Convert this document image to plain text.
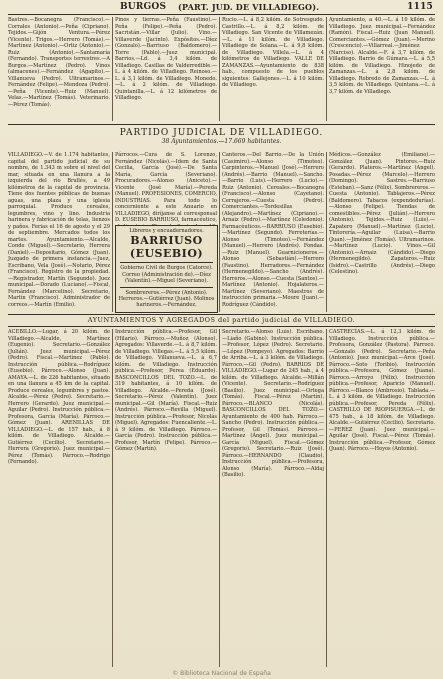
BURGOS (PART. JUD. DE VILLADIEGO).	1115

Bastres.—Bocanegra (Francisco).—Corrales (Antonio).—Peña (Cipriano). Tejidos.—Gijón Ventura.—Pérez (Vicente). Trigos.—Herrero (Tomás).—Martínez (Antonio).—Ortiz (Antonio).—Ruiz (Antonio).—Santamaría (Fernando). Transportes terrestres.—A Burgos.—Martínez (Pedro). Vinos (almacenes).—Fernández (Agapito).—Villanueva (Pedro). Ultramarinos.—Fernández (Felipe).—Mendoza (Pedro).—Peña (Vicente).—Ruiz (Manuel). Velas.—Martínez (Tomás). Veterinario.—Pérez (Tomás).

Pinos y tierras.—Peña (Faustino).—Peña (Felipe).—Peña (Pedro). Sacristán.—Villar (Julio). Vino.—Villaverde (Jacinto). Expósitos.—Díez (Gonzalo).—Barriuso (Baldomero).—Torre (Pablo).—Juez municipal. Barrios.—Ld. á 3,4 kilóm. de Villadiego. Casillas de Valderredible.—L. á 4 kilóm. de Villadiego. Reinoso.—L. á 3,1 kilóm. de Villadiego. Monedo.—L. á 2 kilóm. de Villadiego. Quintanilla.—L. á 12 kilómetros de Villadiego.

Rucio.—L. á 8,2 kilóm. de Sotresgudo. Castrillo.—L. á 8,2 kilóm. de Villadiego. San Vicente de Villamezán.—L. á 11 kilóm. de Villadiego. Villadiego de Solana.—L. á 9,8 kilóm. de Villadiego. Villela.—L. á 4 kilómetros de Villadiego. VALLE DE ZAMANZAS.—Ayuntamiento de 838 hab., compuesto de los pueblos siguientes: Gallejones.—L. á 10 kilóm. de Villadiego.

Ayuntamiento, a 40.—L. á 10 kilóm. de Villadiego. Juez municipal.—Fernández (Ramón). Fiscal.—Ruiz (Juan Manuel). Comerciantes.—Gómez (Juan).—Merino (Crescencio).—Villarreal.—Jiménez (Narciso). Alcalde.—F. á 3,7 kilóm. de Villadiego. Barrio de Gúmara.—L. á 5,5 kilóm. de Villadiego. Hinojedo de Zamanzas.—L. á 2,8 kilóm. de Villadiego. Robredo de Zamanzas.—L. á 3,5 kilóm. de Villadiego. Quintana.—L. á 3,7 kilóm. de Villadiego.

PARTIDO JUDICIAL DE VILLADIEGO.
38 Ayuntamientos.—17.669 habitantes.

VILLADIEGO.—V. de 1.174 habitantes, capital del partido judicial de su nombre, de 1.343 m sobre el nivel del mar, situada en una llanura a la izquierda del río Brullés, a 49 kilómetros de la capital de provincia. Tiene dos fuentes públicas de buenas aguas, una plaza y una iglesia parroquial. Produce cereales, legumbres, vino y lino. Industria harinera y fabricación de telas, lienzos y paños. Ferias el 16 de agosto y el 29 de septiembre. Mercados todos los martes. Ayuntamiento.—Alcalde, Conde (Miguel).—Secretario, Herrera (Daniel).—Depositario, Gómez (Juan). Juzgado de primera instancia.—Juez, Escribano, Vela (José).—Notario, Pérez (Francisco). Registro de la propiedad.—Registrador, Martín (Segundo). Juez municipal.—Dorado (Luciano).—Fiscal, Fernández (Marcelino). Secretario, Martín (Francisco). Administrador de correos.—Martín (Emilio).

Párrocos.—Cura de S. Lorenzo, Fernández (Nicolás).—Idem de Santa Cecilia, García (José).—De Santa María, García (Severiano). Procuradores.—Alonso (Aniceto).—Vicente (José María).—Pereda (Manuel). PROFESIONES, COMERCIO, INDUSTRIAS. Para todo lo concerniente a este Anuario en VILLADIEGO, diríjanse al corresponsal D. EUSEBIO BARRIUSO, farmacéutico,

Libreros y encuadernadores.

BARRIUSO (EUSEBIO)

Gobierno Civil de Burgos (Catorce). Correo (Administración de).—Díez (Valentín).—Miguel (Severiano).

Sombrereros.—Pérez (Antonio). Herreros.—Gutiérrez (Juan). Molinos harineros.—Fernández.

Canteros.—Del Barrio.—De la Unión (Casimiro).—Alonso (Timoteo). Carpinteros.—Manuel (José).—Herrero (Andrés).—Barrio (Manuel).—Sancho.—Barrio (Luis).—Herrero (Lucio).—Ruiz (Antonio). Cereales.—Bocanegra (Francisco).—Alonso (Cayetano). Cerrajeros.—Cuesta (Pedro). Comerciantes.—Tordesillas (Alejandro).—Martínez (Cipriano).—Arnaiz (Pedro).—Martínez (Celedonio). Farmacéuticos.—BARRIUSO (Eusebio).—Martínez (Segundo). Ferreterías.—Alonso (Timoteo).—Fernández (Manuel).—Herrero (Andrés). Fondas.—Ruiz (Manuel). Guarnicioneros.—Alonso (Sebastián).—Herrero (Faustino). Herradores.—Fernández (Hermenegildo).—Sancho (Andrés). Herreros.—Alonso.—Cuesta (Santos).—Martínez (Antonio). Hojalateros.—Martínez (Severiano). Maestros de instrucción primaria.—Moure (Juan).—Rodríguez (Cándido).

Médicos.—González (Emiliano).—González (Juan). Pintores.—Ruiz (Gerardo). Plateros.—Martínez (Angel). Posadas.—Pérez (Marcelo).—Herrero (Domingo). Sastres.—Barriuso (Esteban).—Sanz (Félix). Sombrereros.—Cuesta (Antonio). Tablajeros.—Pérez (Baldomero). Tabacos (expendedurías).—Alonso (Felipe). Tiendas de comestibles.—Pérez (Julián).—Herrero (Antonio). Tejidos.—Ruiz (Luis).—Zapatero (Manuel).—Martínez (Lucio). Tintorería.—Aguilar (Luisa).—Barrio (Juan).—Jiménez (Tomás). Ultramarinos.—Martínez (Lucio). Vinos.—Gil (Antonio).—Arnaiz (Cándido).—Diego (Hermenegildo). Zapateros.—Ruiz (Isidro).—Castrillo (Andrés).—Diego (Celestino).

AYUNTAMIENTOS Y AGREGADOS del partido judicial de VILLADIEGO.

ACEBILLO.—Lugar, á 20 kilóm. de Villadiego.—Alcalde, Martínez (Eugenio). Secretario.—González (Julián). Juez municipal.—Pérez (Pedro). Fiscal.—Martínez (Pablo). Instrucción pública.—Rodríguez (Eusebio). Párroco.—Alonso (Juan). AMAYA.—L. de 226 habitantes, situado en una llanura a 45 km de la capital. Produce cereales, legumbres y pastos. Alcalde.—Pérez (Pedro). Secretario.—Herrero (Gerardo). Juez municipal.—Aguilar (Pedro). Instrucción pública.—Profesora, García (María). Párroco.—Gómez (Juan). ARENILLAS DE VILLADIEGO.—L. de 157 hab., á 8 kilóm. de Villadiego. Alcalde.—Gutiérrez (Cecilio). Secretario.—Herrera (Gregorio). Juez municipal.—Pérez (Tomás). Párroco.—Rodrigo (Fernando).

Instrucción pública.—Profesor, Gil (Hilario). Párroco.—Muñoz (Alonso). Agregados: Villaverde.—L. á 8,7 kilóm. de Villadiego. Villegas.—L. á 5,5 kilóm. de Villadiego. Villanueva.—L. á 6,7 kilóm. de Villadiego. Instrucción pública.—Profesor, Perea (Eduardo). BASCONCILLOS DEL TOZO.—L. de 319 habitantes, á 10 kilóm. de Villadiego. Alcalde.—Pereda (José). Secretario.—Pérez (Valentín). Juez municipal.—Gil (María). Fiscal.—Ruiz (Andrés). Párroco.—Revilla (Miguel). Instrucción pública.—Profesor, Nicolás (Miguel). Agregados: Fuencaliente.—L. á 9 kilóm. de Villadiego. Párroco.—García (Pedro). Instrucción pública.—Profesor, Martín (Felipe). Párroco.—Gómez (Martín).

Secretario.—Alonso (Luis). Escribano.—Liaño (Gabino). Instrucción pública.—Profesor, López (Pedro). Secretario.—López (Pompeyo). Agregados: Barrio de Arriba.—L. á 3 kilóm. de Villadiego. Párroco.—Gil (Pedro). BARRIOS DE VILLADIEGO.—Lugar de 245 hab., á 4 kilóm. de Villadiego. Alcalde.—Millán (Vicente). Secretario.—Rodríguez (Basilio). Juez municipal.—Ortega (Tomás). Fiscal.—Pérez (Martín). Párroco.—BLANCO (Nicolás). BASCONCILLOS DEL TOZO.—Ayuntamiento de 400 hab. Párroco.—Sancho (Pedro). Instrucción pública.—Profesor, Gil (Tomás). Párroco.—Martínez (Ángel). Juez municipal.—García (Miguel). Fiscal.—Gómez (Gregorio). Secretario.—Ruiz (José). Párroco.—HERNANDO (Claudio). Instrucción pública.—Profesora, Alonso (María). Párroco.—Aldaj (Basilio).

CASTRECÍAS.—L. á 12,3 kilóm. de Villadiego. Instrucción pública.—Profesora, González (Pastora). Párroco.—Gonzalo (Pedro). Secretario.—Peña (Antonio). Juez municipal.—Arce (José). Párroco.—Soto (Toribio). Instrucción pública.—Profesora, Gómez (Juana). Párroco.—Arroyo (Félix). Instrucción pública.—Profesor, Aparicio (Manuel). Párroco.—Blanco (Ambrosio). Tablada.—L. á 3 kilóm. de Villadiego. Instrucción pública.—Profesor, Pereda (Félix). CASTRILLO DE RIOPISUERGA.—L. de 475 hab., á 18 kilóm. de Villadiego. Alcalde.—Gutiérrez (Cecilio). Secretario.—PEREZ (Juan). Juez municipal.—Aguilar (José). Fiscal.—Pérez (Tomás). Instrucción pública.—Profesor, Gómez (Juan). Párroco.—Hoyos (Antonio).

© Biblioteca Nacional de España
